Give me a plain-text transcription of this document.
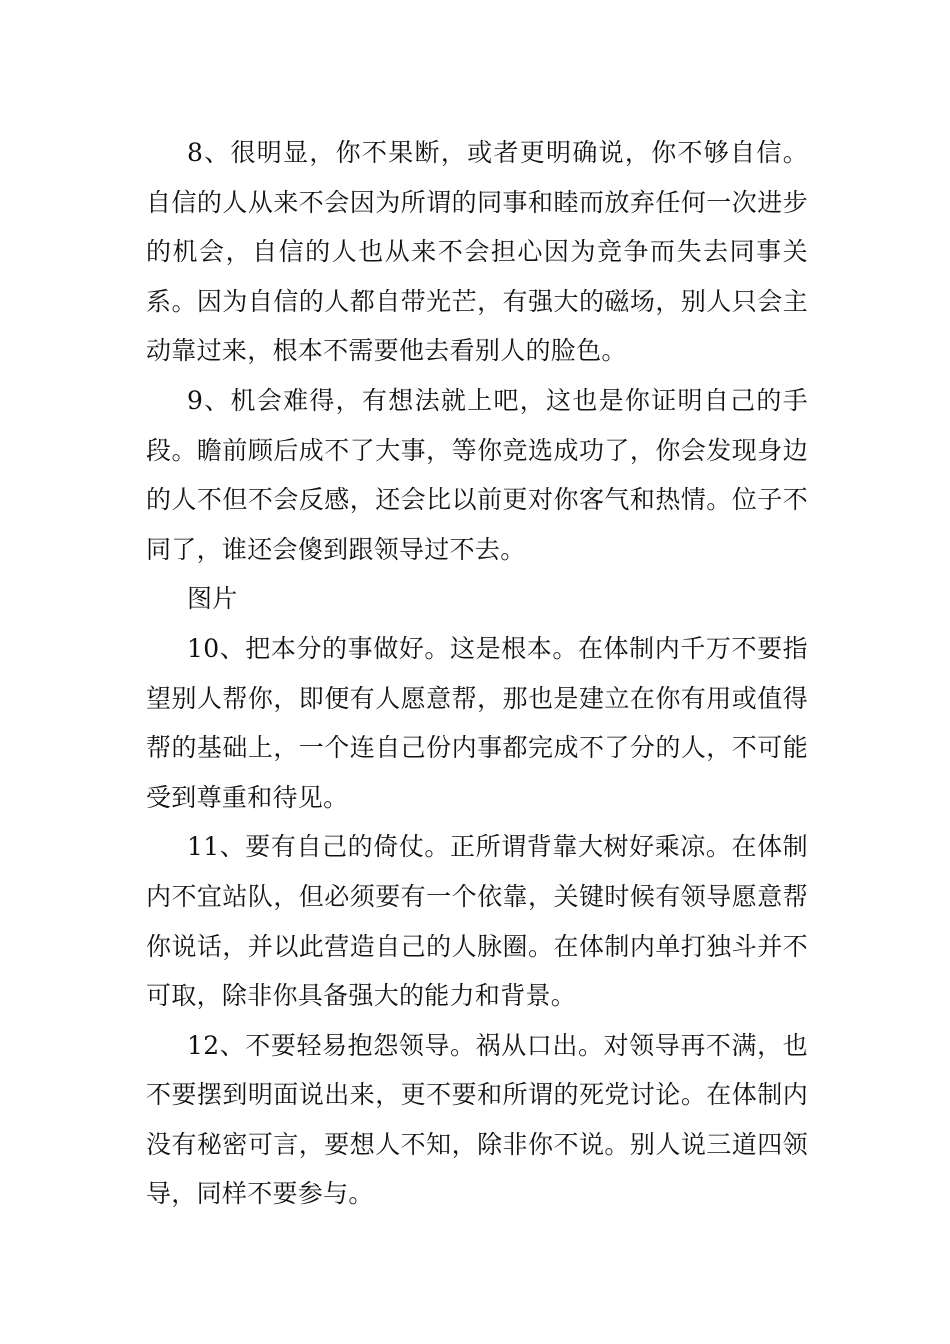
8、很明显，你不果断，或者更明确说，你不够自信。自信的人从来不会因为所谓的同事和睦而放弃任何一次进步的机会，自信的人也从来不会担心因为竞争而失去同事关系。因为自信的人都自带光芒，有强大的磁场，别人只会主动靠过来，根本不需要他去看别人的脸色。

9、机会难得，有想法就上吧，这也是你证明自己的手段。瞻前顾后成不了大事，等你竞选成功了，你会发现身边的人不但不会反感，还会比以前更对你客气和热情。位子不同了，谁还会傻到跟领导过不去。

图片

10、把本分的事做好。这是根本。在体制内千万不要指望别人帮你，即便有人愿意帮，那也是建立在你有用或值得帮的基础上，一个连自己份内事都完成不了分的人，不可能受到尊重和待见。

11、要有自己的倚仗。正所谓背靠大树好乘凉。在体制内不宜站队，但必须要有一个依靠，关键时候有领导愿意帮你说话，并以此营造自己的人脉圈。在体制内单打独斗并不可取，除非你具备强大的能力和背景。

12、不要轻易抱怨领导。祸从口出。对领导再不满，也不要摆到明面说出来，更不要和所谓的死党讨论。在体制内没有秘密可言，要想人不知，除非你不说。别人说三道四领导，同样不要参与。
